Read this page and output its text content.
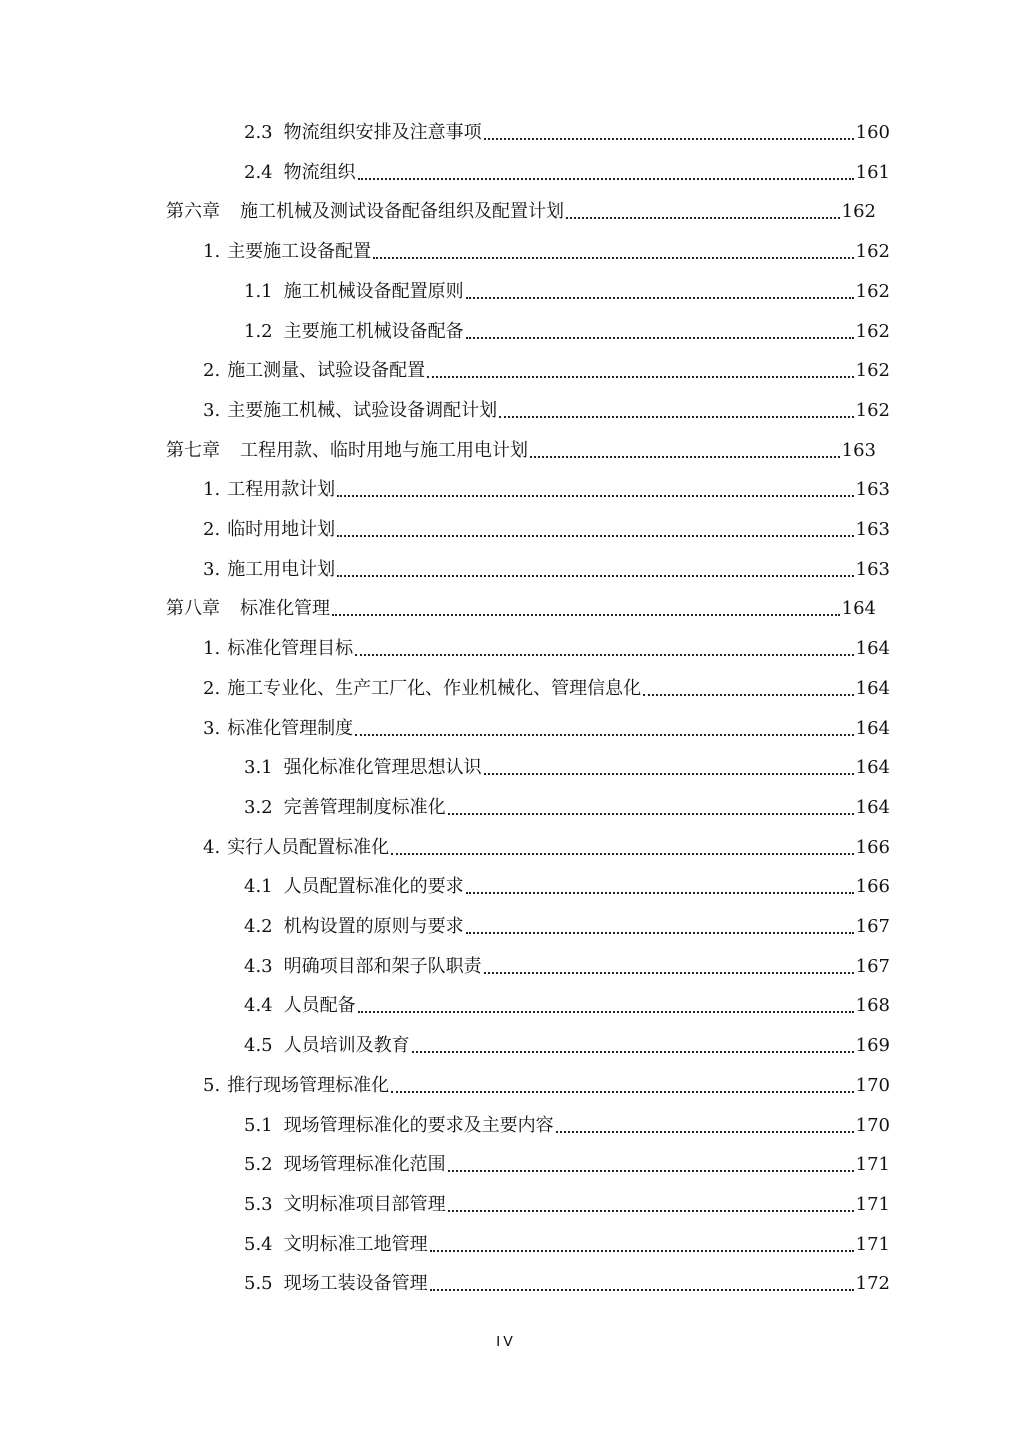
2.3 物流组织安排及注意事项	160
2.4 物流组织	161
第六章 施工机械及测试设备配备组织及配置计划	162
1. 主要施工设备配置	162
1.1 施工机械设备配置原则	162
1.2 主要施工机械设备配备	162
2. 施工测量、试验设备配置	162
3. 主要施工机械、试验设备调配计划	162
第七章 工程用款、临时用地与施工用电计划	163
1. 工程用款计划	163
2. 临时用地计划	163
3. 施工用电计划	163
第八章 标准化管理	164
1. 标准化管理目标	164
2. 施工专业化、生产工厂化、作业机械化、管理信息化	164
3. 标准化管理制度	164
3.1 强化标准化管理思想认识	164
3.2 完善管理制度标准化	164
4. 实行人员配置标准化	166
4.1 人员配置标准化的要求	166
4.2 机构设置的原则与要求	167
4.3 明确项目部和架子队职责	167
4.4 人员配备	168
4.5 人员培训及教育	169
5. 推行现场管理标准化	170
5.1 现场管理标准化的要求及主要内容	170
5.2 现场管理标准化范围	171
5.3 文明标准项目部管理	171
5.4 文明标准工地管理	171
5.5 现场工装设备管理	172
ⅠⅤ
